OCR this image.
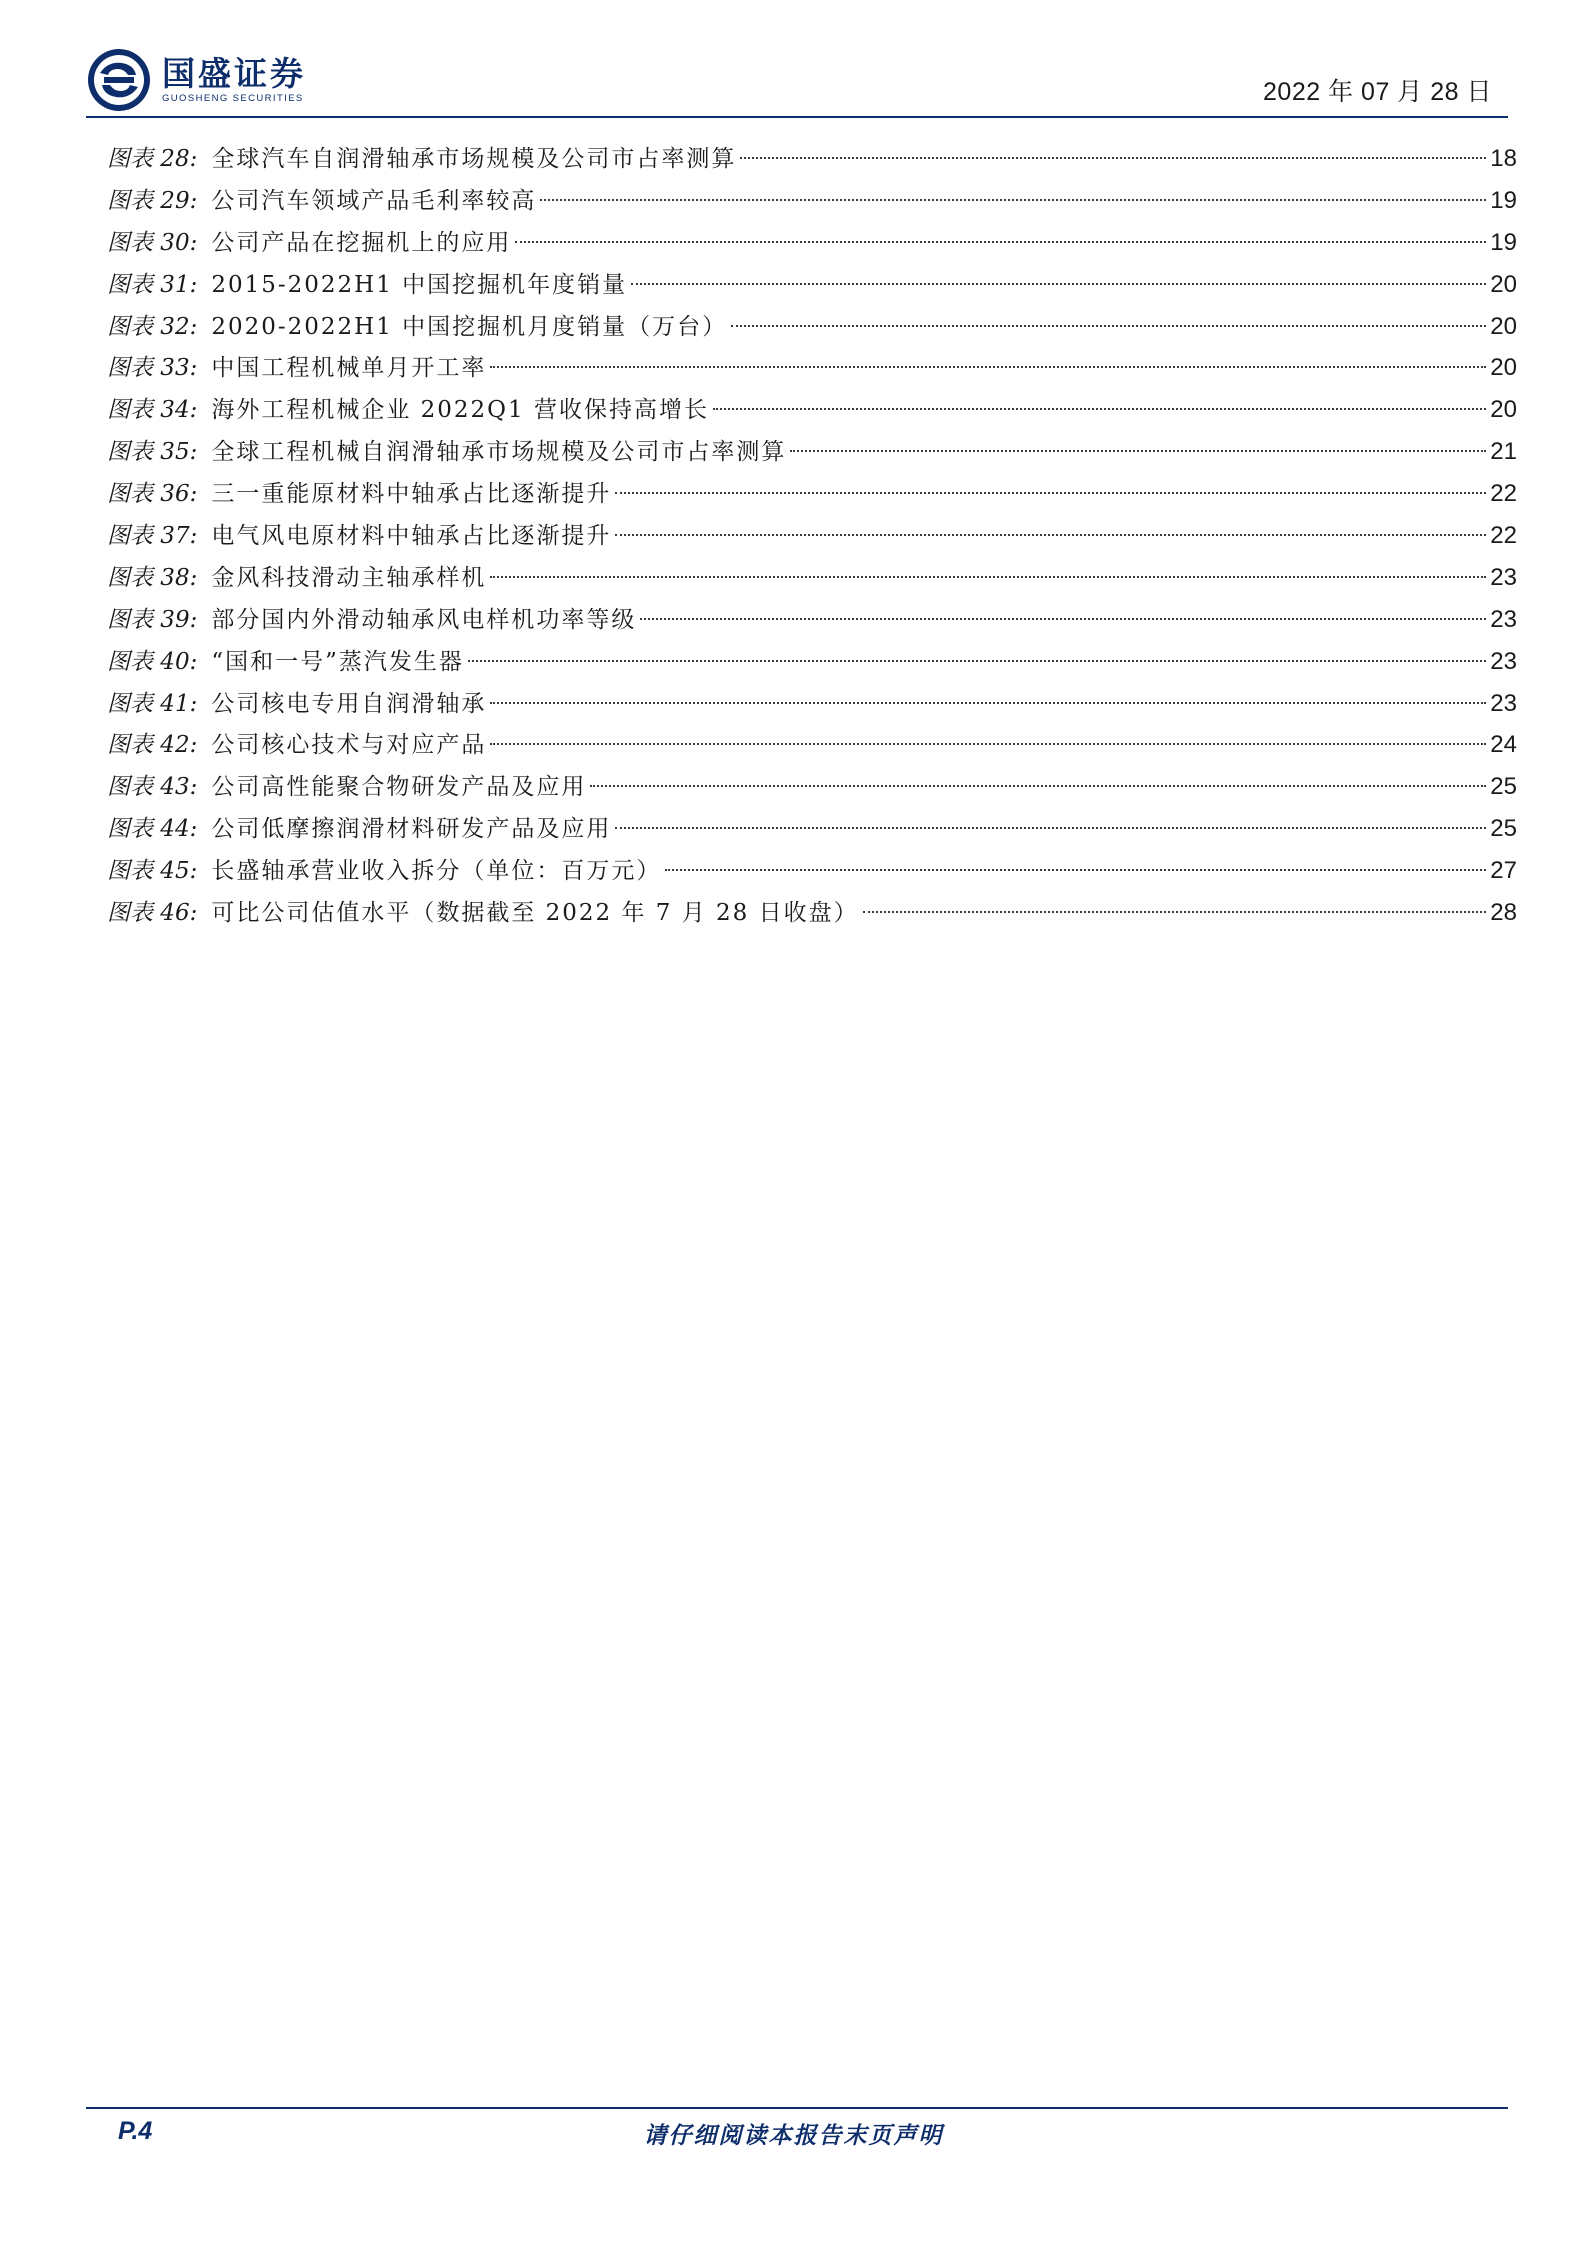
国盛证券
GUOSHENG SECURITIES	2022 年 07 月 28 日
图表 28: 全球汽车自润滑轴承市场规模及公司市占率测算	18
图表 29: 公司汽车领域产品毛利率较高	19
图表 30: 公司产品在挖掘机上的应用	19
图表 31: 2015-2022H1 中国挖掘机年度销量	20
图表 32: 2020-2022H1 中国挖掘机月度销量（万台）	20
图表 33: 中国工程机械单月开工率	20
图表 34: 海外工程机械企业 2022Q1 营收保持高增长	20
图表 35: 全球工程机械自润滑轴承市场规模及公司市占率测算	21
图表 36: 三一重能原材料中轴承占比逐渐提升	22
图表 37: 电气风电原材料中轴承占比逐渐提升	22
图表 38: 金风科技滑动主轴承样机	23
图表 39: 部分国内外滑动轴承风电样机功率等级	23
图表 40: “国和一号”蒸汽发生器	23
图表 41: 公司核电专用自润滑轴承	23
图表 42: 公司核心技术与对应产品	24
图表 43: 公司高性能聚合物研发产品及应用	25
图表 44: 公司低摩擦润滑材料研发产品及应用	25
图表 45: 长盛轴承营业收入拆分（单位：百万元）	27
图表 46: 可比公司估值水平（数据截至 2022 年 7 月 28 日收盘）	28
请仔细阅读本报告末页声明
P.4
